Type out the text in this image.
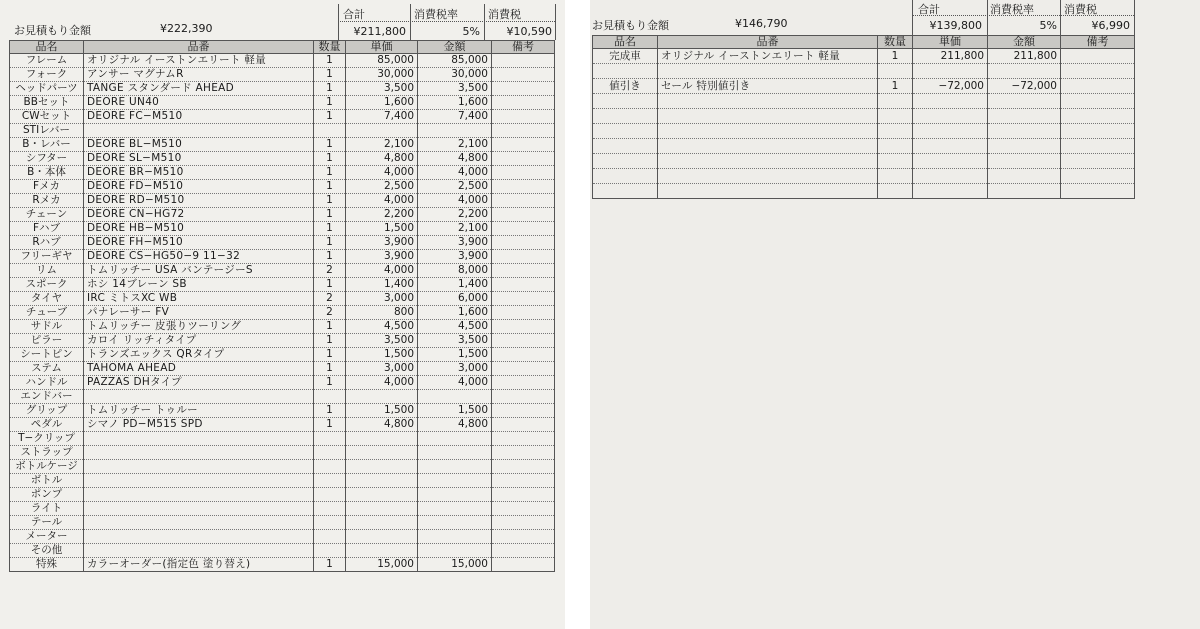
お見積もり金額	¥222,390
合計
¥211,800
消費税率
5%
消費税
¥10,590
品名	品番	数量	単価	金額	備考
フレーム	オリジナル イーストンエリート 軽量	1	85,000	85,000	
フォーク	アンサー マグナムR	1	30,000	30,000	
ヘッドパーツ	TANGE スタンダード AHEAD	1	3,500	3,500	
BBセット	DEORE UN40	1	1,600	1,600	
CWセット	DEORE FC−M510	1	7,400	7,400	
STIレバー					
B・レバー	DEORE BL−M510	1	2,100	2,100	
シフター	DEORE SL−M510	1	4,800	4,800	
B・本体	DEORE BR−M510	1	4,000	4,000	
Fメカ	DEORE FD−M510	1	2,500	2,500	
Rメカ	DEORE RD−M510	1	4,000	4,000	
チェーン	DEORE CN−HG72	1	2,200	2,200	
Fハブ	DEORE HB−M510	1	1,500	2,100	
Rハブ	DEORE FH−M510	1	3,900	3,900	
フリーギヤ	DEORE CS−HG50−9 11−32	1	3,900	3,900	
リム	トムリッチー USA バンテージーS	2	4,000	8,000	
スポーク	ホシ 14ブレーン SB	1	1,400	1,400	
タイヤ	IRC ミトスXC WB	2	3,000	6,000	
チューブ	パナレーサー FV	2	800	1,600	
サドル	トムリッチー 皮張りツーリング	1	4,500	4,500	
ピラー	カロイ リッチィタイプ	1	3,500	3,500	
シートピン	トランズエックス QRタイプ	1	1,500	1,500	
ステム	TAHOMA AHEAD	1	3,000	3,000	
ハンドル	PAZZAS DHタイプ	1	4,000	4,000	
エンドバー					
グリップ	トムリッチー トゥルー	1	1,500	1,500	
ペダル	シマノ PD−M515 SPD	1	4,800	4,800	
T−クリップ					
ストラップ					
ボトルケージ					
ボトル					
ポンプ					
ライト					
テール					
メーター					
その他					
特殊	カラーオーダー(指定色 塗り替え)	1	15,000	15,000	
お見積もり金額	¥146,790
合計
¥139,800
消費税率
5%
消費税
¥6,990
品名	品番	数量	単価	金額	備考
完成車	オリジナル イーストンエリート 軽量	1	211,800	211,800	

値引き	セール 特別値引き	1	−72,000	−72,000	
